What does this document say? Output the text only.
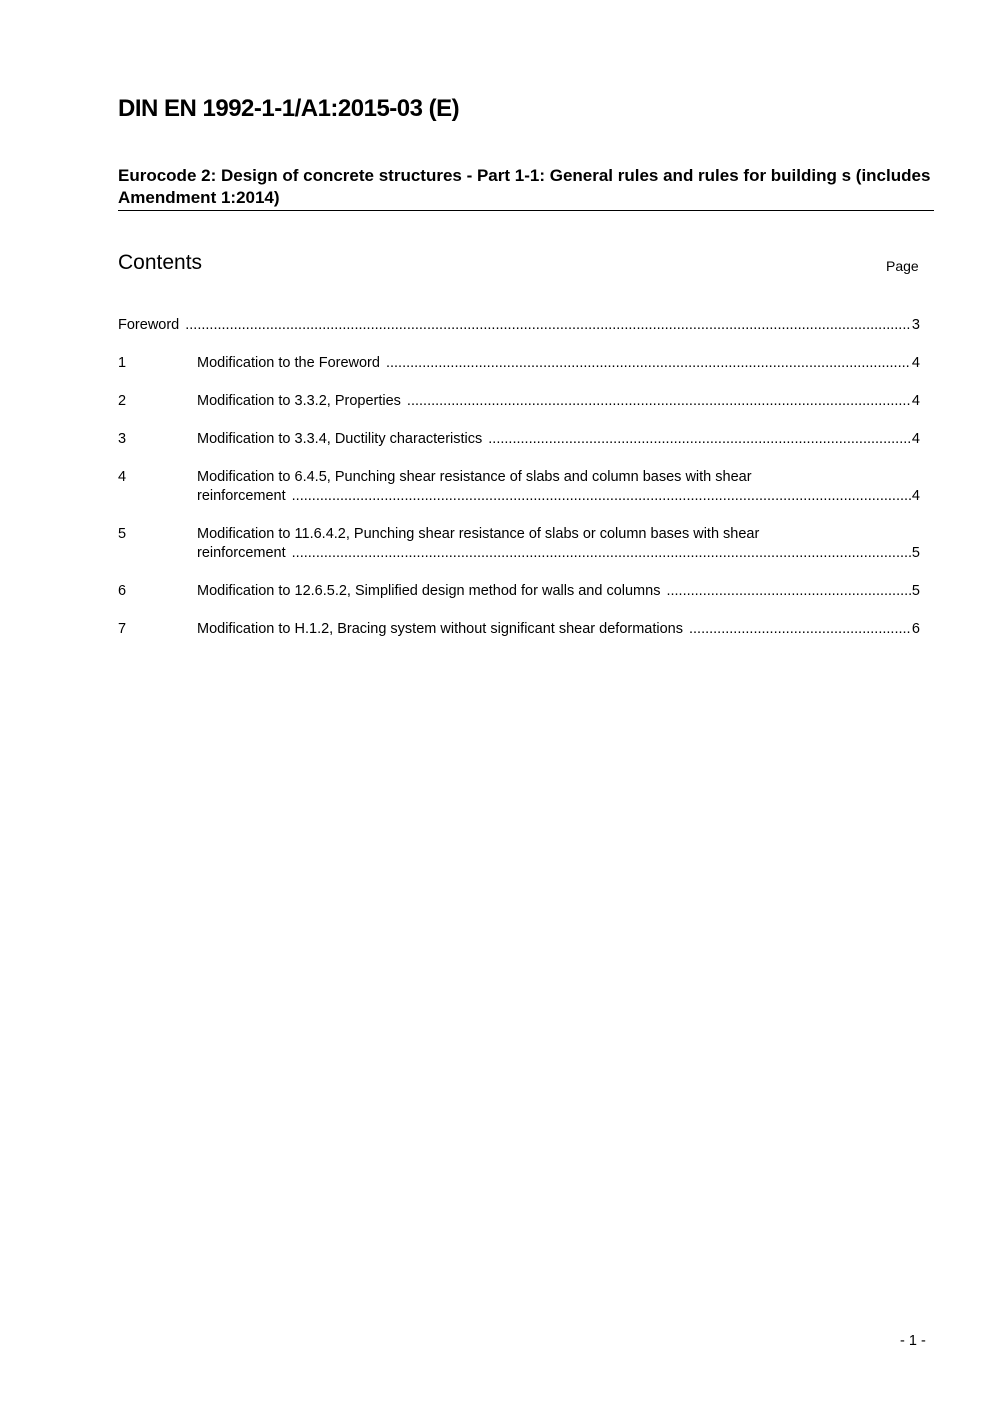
DIN EN 1992-1-1/A1:2015-03 (E)
Eurocode 2: Design of concrete structures - Part 1-1: General rules and rules for building s (includes Amendment 1:2014)
Contents	Page
Foreword .....	3
1	Modification to the Foreword .....	4
2	Modification to 3.3.2, Properties .....	4
3	Modification to 3.3.4, Ductility characteristics .....	4
4	Modification to 6.4.5, Punching shear resistance of slabs and column bases with shear
reinforcement .....	4
5	Modification to 11.6.4.2, Punching shear resistance of slabs or column bases with shear
reinforcement .....	5
6	Modification to 12.6.5.2, Simplified design method for walls and columns .....	5
7	Modification to H.1.2, Bracing system without significant shear deformations .....	6
- 1 -
